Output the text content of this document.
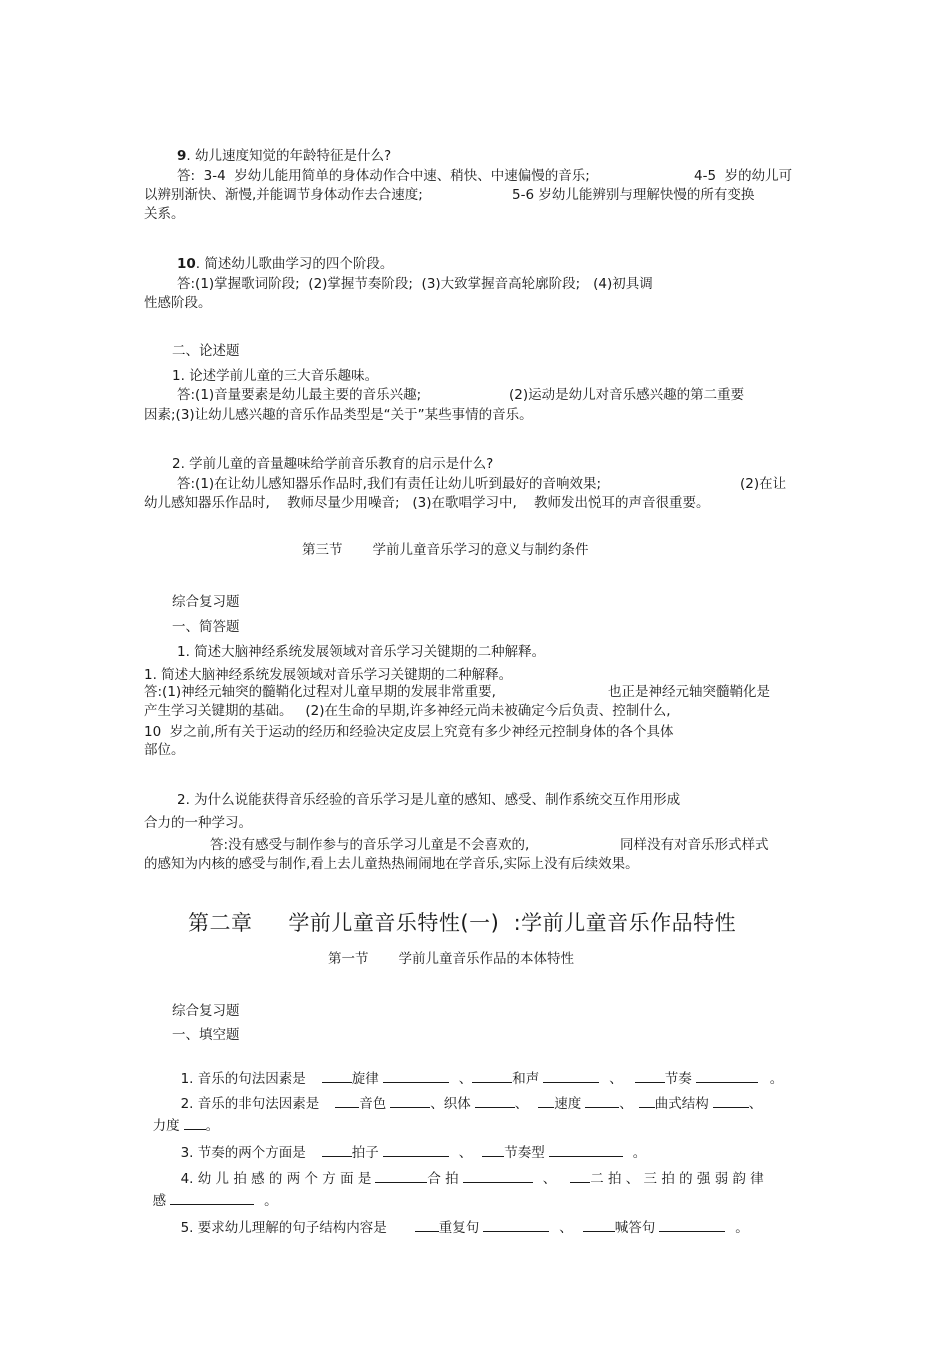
9. 幼儿速度知觉的年龄特征是什么?
答:  3-4  岁幼儿能用简单的身体动作合中速、稍快、中速偏慢的音乐;	4-5  岁的幼儿可
以辨别渐快、渐慢,并能调节身体动作去合速度;	5-6 岁幼儿能辨别与理解快慢的所有变换
关系。
10. 简述幼儿歌曲学习的四个阶段。
答:(1)掌握歌词阶段;  (2)掌握节奏阶段;  (3)大致掌握音高轮廓阶段;   (4)初具调
性感阶段。
二、论述题
1. 论述学前儿童的三大音乐趣味。
答:(1)音量要素是幼儿最主要的音乐兴趣;	(2)运动是幼儿对音乐感兴趣的第二重要
因素;(3)让幼儿感兴趣的音乐作品类型是“关于”某些事情的音乐。
2. 学前儿童的音量趣味给学前音乐教育的启示是什么?
答:(1)在让幼儿感知器乐作品时,我们有责任让幼儿听到最好的音响效果;	(2)在让
幼儿感知器乐作品时,    教师尽量少用噪音;   (3)在歌唱学习中,    教师发出悦耳的声音很重要。
第三节       学前儿童音乐学习的意义与制约条件
综合复习题
一、简答题
1. 简述大脑神经系统发展领域对音乐学习关键期的二种解释。
1. 简述大脑神经系统发展领域对音乐学习关键期的二种解释。
答:(1)神经元轴突的髓鞘化过程对儿童早期的发展非常重要,	也正是神经元轴突髓鞘化是
产生学习关键期的基础。   (2)在生命的早期,许多神经元尚未被确定今后负责、控制什么,
10  岁之前,所有关于运动的经历和经验决定皮层上究竟有多少神经元控制身体的各个具体
部位。
2. 为什么说能获得音乐经验的音乐学习是儿童的感知、感受、制作系统交互作用形成
合力的一种学习。
答:没有感受与制作参与的音乐学习儿童是不会喜欢的,	同样没有对音乐形式样式
的感知为内核的感受与制作,看上去儿童热热闹闹地在学音乐,实际上没有后续效果。
第二章     学前儿童音乐特性(一)  :学前儿童音乐作品特性
第一节       学前儿童音乐作品的本体特性
综合复习题
一、填空题

1. 音乐的句法因素是	旋律	、	和声	、	节奏	。

2. 音乐的非句法因素是	音色	、织体	、 速度	、 曲式结构	、

力度 。

3. 节奏的两个方面是	拍子	、 节奏型	。

4. 幼 儿 拍 感 的 两 个 方 面 是	合 拍	、	二 拍 、 三 拍 的 强 弱 韵 律

感	。

5. 要求幼儿理解的句子结构内容是	重复句	、	喊答句	。
